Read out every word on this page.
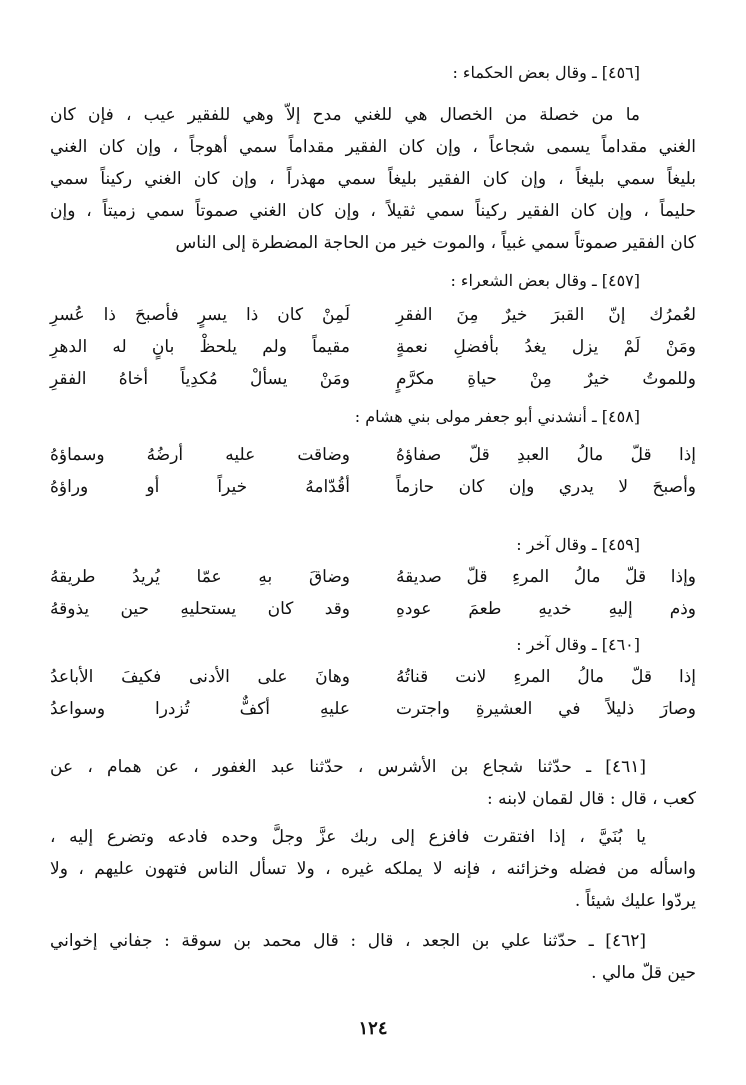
[٤٥٦] ـ وقال بعض الحكماء :
ما من خصلة من الخصال هي للغني مدح إلاّ وهي للفقير عيب ، فإن كان
الغني مقداماً يسمى شجاعاً ، وإن كان الفقير مقداماً سمي أهوجاً ، وإن كان الغني
بليغاً سمي بليغاً ، وإن كان الفقير بليغاً سمي مهذراً ، وإن كان الغني ركيناً سمي
حليماً ، وإن كان الفقير ركيناً سمي ثقيلاً ، وإن كان الغني صموتاً سمي زميتاً ، وإن
كان الفقير صموتاً سمي غبياً ، والموت خير من الحاجة المضطرة إلى الناس
[٤٥٧] ـ وقال بعض الشعراء :
لعُمرُك إنّ القبرَ خيرٌ مِنَ الفقرِ
لَمِنْ كان ذا يسرٍ فأصبحَ ذا عُسرِ
ومَنْ لَمْ يزل يغدُ بأفضلِ نعمةٍ
مقيماً ولم يلحظْ بانٍ له الدهرِ
وللموتُ خيرٌ مِنْ حياةِ مكرَّمٍ
ومَنْ يسألْ مُكدِياً أخاهُ الفقرِ
[٤٥٨] ـ أنشدني أبو جعفر مولى بني هشام :
إذا قلّ مالُ العبدِ قلّ صفاؤهُ
وضاقت عليه أرضُهُ وسماؤهُ
وأصبحَ لا يدري وإن كان حازماً
أقُدّامهُ خيراً أو وراؤهُ
[٤٥٩] ـ وقال آخر :
وإذا قلّ مالُ المرءِ قلّ صديقهُ
وضاقَ بهِ عمّا يُريدُ طريقهُ
وذم إليهِ خديهِ طعمَ عودهِ
وقد كان يستحليهِ حين يذوقهُ
[٤٦٠] ـ وقال آخر :
إذا قلّ مالُ المرءِ لانت قناتُهُ
وهانَ على الأدنى فكيفَ الأباعدُ
وصارَ ذليلاً في العشيرةِ واجترت
عليهِ أكفٌّ تُزدرا وسواعدُ
[٤٦١] ـ حدّثنا شجاع بن الأشرس ، حدّثنا عبد الغفور ، عن همام ، عن
كعب ، قال : قال لقمان لابنه :
يا بُنَيَّ ، إذا افتقرت فافزع إلى ربك عزَّ وجلَّ وحده فادعه وتضرع إليه ،
واسأله من فضله وخزائنه ، فإنه لا يملكه غيره ، ولا تسأل الناس فتهون عليهم ، ولا
يردّوا عليك شيئاً .
[٤٦٢] ـ حدّثنا علي بن الجعد ، قال : قال محمد بن سوقة : جفاني إخواني
حين قلّ مالي .
١٢٤
